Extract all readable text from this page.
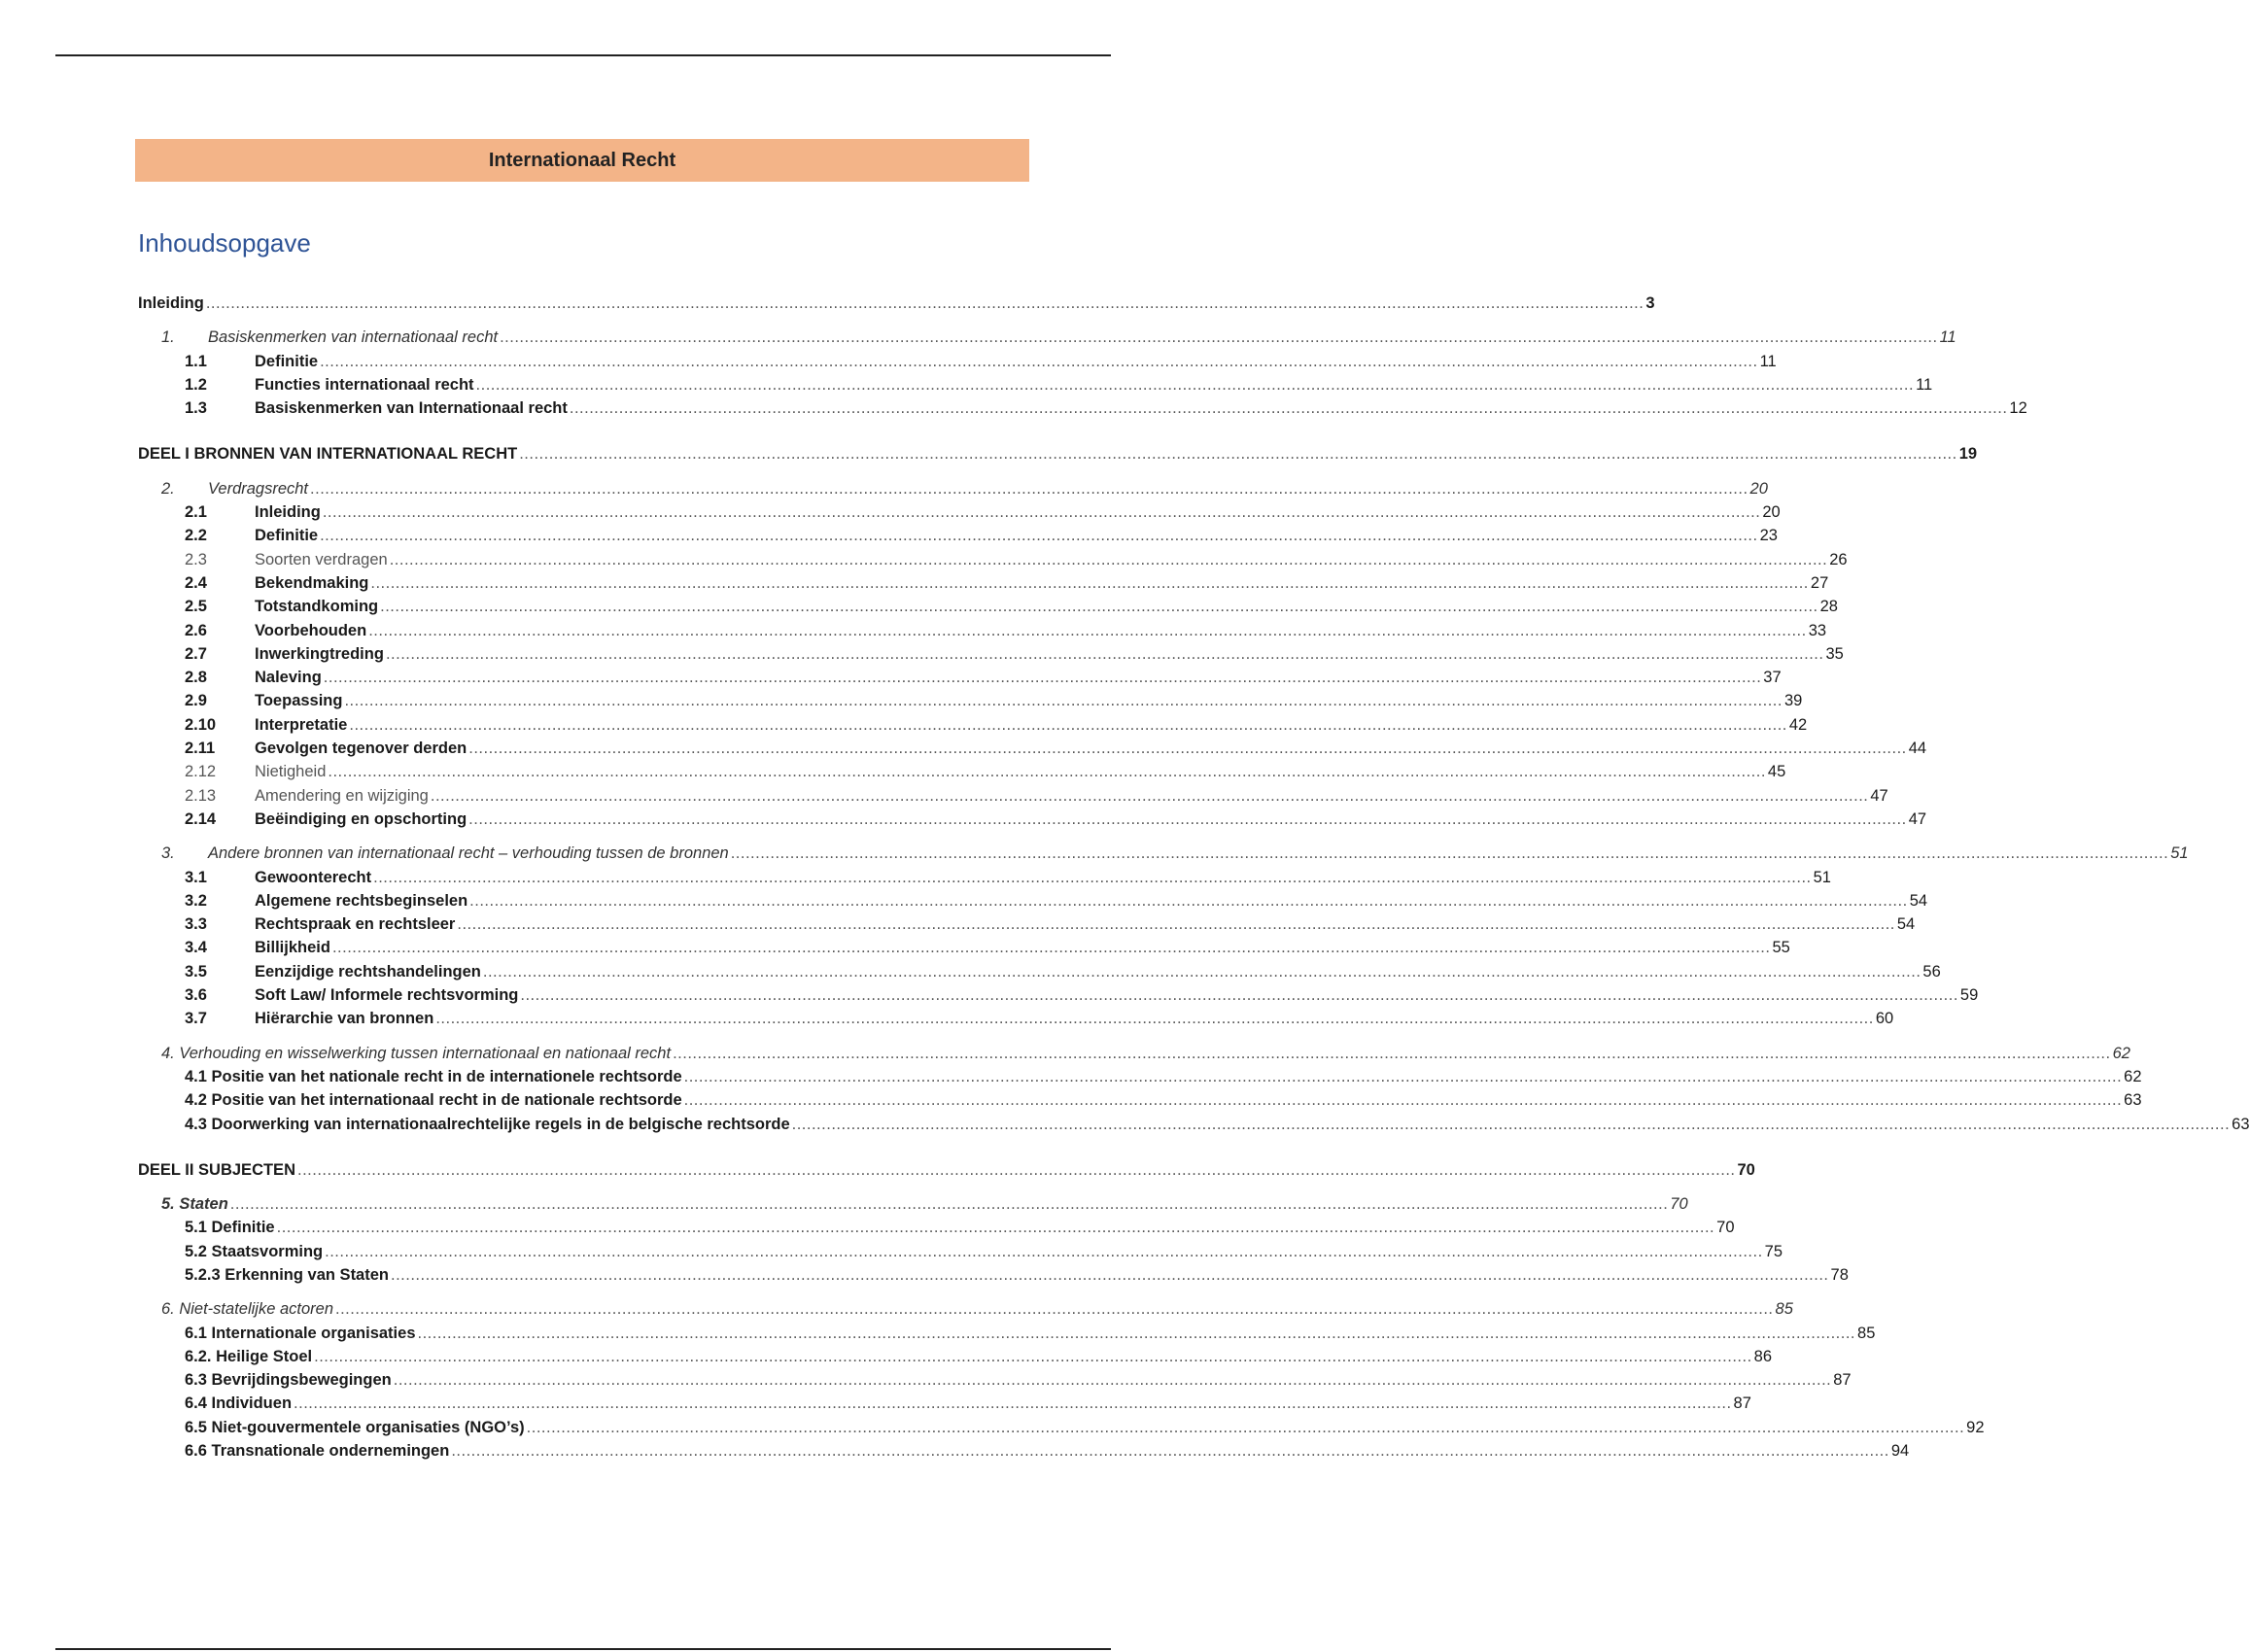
Internationaal Recht
Inhoudsopgave
Inleiding .....	3
1.	Basiskenmerken van internationaal recht .....	11
1.1	Definitie .....	11
1.2	Functies internationaal recht .....	11
1.3	Basiskenmerken van Internationaal recht .....	12
DEEL I BRONNEN VAN INTERNATIONAAL RECHT .....	19
2.	Verdragsrecht .....	20
2.1	Inleiding .....	20
2.2	Definitie .....	23
2.3	Soorten verdragen .....	26
2.4	Bekendmaking .....	27
2.5	Totstandkoming .....	28
2.6	Voorbehouden .....	33
2.7	Inwerkingtreding .....	35
2.8	Naleving .....	37
2.9	Toepassing .....	39
2.10	Interpretatie .....	42
2.11	Gevolgen tegenover derden .....	44
2.12	Nietigheid .....	45
2.13	Amendering en wijziging .....	47
2.14	Beëindiging en opschorting .....	47
3.	Andere bronnen van internationaal recht – verhouding tussen de bronnen .....	51
3.1	Gewoonterecht .....	51
3.2	Algemene rechtsbeginselen .....	54
3.3	Rechtspraak en rechtsleer .....	54
3.4	Billijkheid .....	55
3.5	Eenzijdige rechtshandelingen .....	56
3.6	Soft Law/ Informele rechtsvorming .....	59
3.7	Hiërarchie van bronnen .....	60
4. Verhouding en wisselwerking tussen internationaal en nationaal recht .....	62
4.1 Positie van het nationale recht in de internationele rechtsorde .....	62
4.2 Positie van het internationaal recht in de nationale rechtsorde .....	63
4.3 Doorwerking van internationaalrechtelijke regels in de belgische rechtsorde .....	63
DEEL II SUBJECTEN .....	70
5. Staten .....	70
5.1 Definitie .....	70
5.2 Staatsvorming .....	75
5.2.3 Erkenning van Staten .....	78
6. Niet-statelijke actoren .....	85
6.1 Internationale organisaties .....	85
6.2. Heilige Stoel .....	86
6.3 Bevrijdingsbewegingen .....	87
6.4 Individuen .....	87
6.5 Niet-gouvermentele organisaties (NGO’s) .....	92
6.6 Transnationale ondernemingen .....	94
